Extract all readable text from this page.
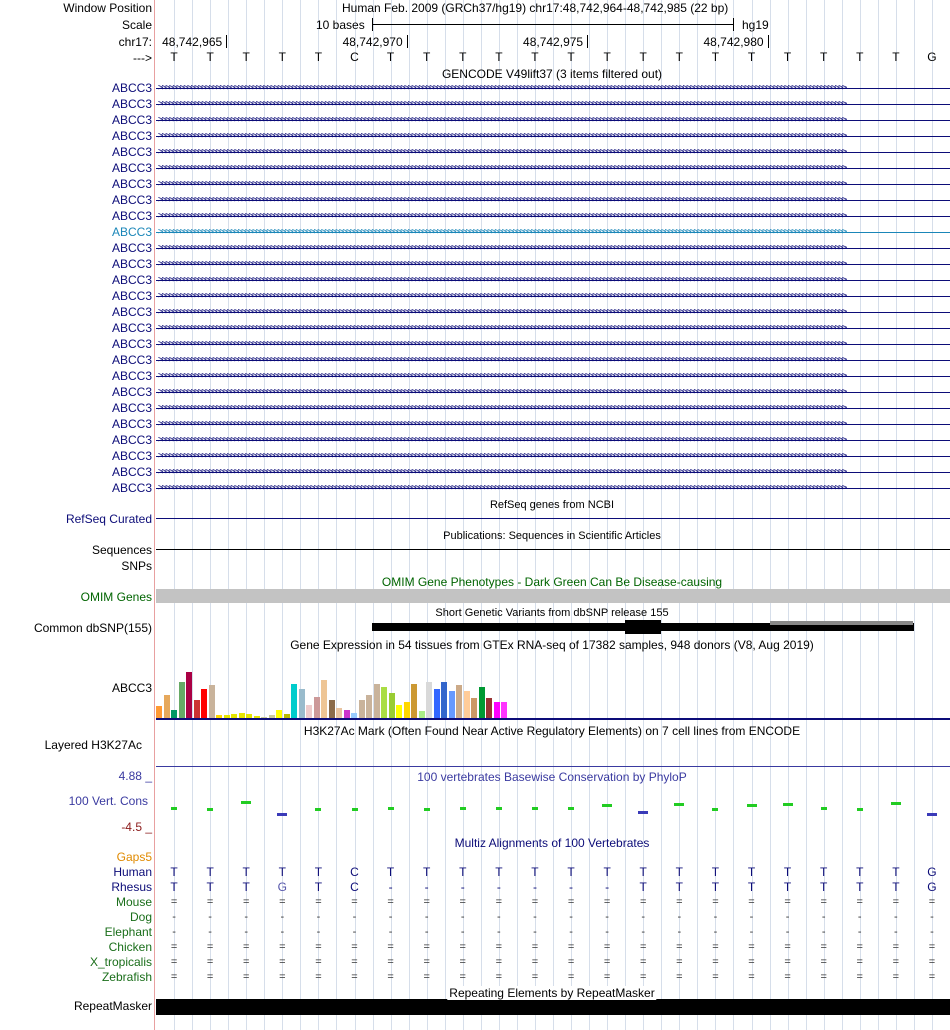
Window Position
Scale
chr17:
--->
Human Feb. 2009 (GRCh37/hg19) chr17:48,742,964-48,742,985 (22 bp)
10 bases	hg19
48,742,965	48,742,970	48,742,975	48,742,980
T T T T T C T T T T T T T T T T T T T T T G
GENCODE V49lift37 (3 items filtered out)
ABCC3 >>>>>>>>>>>>>>>>>>>>>>>>>>>>>>>>>>>>>>>>>>>>>>>>>>>>>>>>>>>>>>>>>>>>>>>>>>>>>>>>>>>>>>>>>>>>>>>>>>>>>>>>>>>>>>>>>>>>>>>>>>>>>>>>>>>>>>>>>>>>>>>>>>>>>>>>>>>>>>>>>>>>>>>>>>>>>>>>>>>>>>>>>>>>>>
ABCC3 >>>>>>>>>>>>>>>>>>>>>>>>>>>>>>>>>>>>>>>>>>>>>>>>>>>>>>>>>>>>>>>>>>>>>>>>>>>>>>>>>>>>>>>>>>>>>>>>>>>>>>>>>>>>>>>>>>>>>>>>>>>>>>>>>>>>>>>>>>>>>>>>>>>>>>>>>>>>>>>>>>>>>>>>>>>>>>>>>>>>>>>>>>>>>>
ABCC3 >>>>>>>>>>>>>>>>>>>>>>>>>>>>>>>>>>>>>>>>>>>>>>>>>>>>>>>>>>>>>>>>>>>>>>>>>>>>>>>>>>>>>>>>>>>>>>>>>>>>>>>>>>>>>>>>>>>>>>>>>>>>>>>>>>>>>>>>>>>>>>>>>>>>>>>>>>>>>>>>>>>>>>>>>>>>>>>>>>>>>>>>>>>>>>
ABCC3 >>>>>>>>>>>>>>>>>>>>>>>>>>>>>>>>>>>>>>>>>>>>>>>>>>>>>>>>>>>>>>>>>>>>>>>>>>>>>>>>>>>>>>>>>>>>>>>>>>>>>>>>>>>>>>>>>>>>>>>>>>>>>>>>>>>>>>>>>>>>>>>>>>>>>>>>>>>>>>>>>>>>>>>>>>>>>>>>>>>>>>>>>>>>>>
ABCC3 >>>>>>>>>>>>>>>>>>>>>>>>>>>>>>>>>>>>>>>>>>>>>>>>>>>>>>>>>>>>>>>>>>>>>>>>>>>>>>>>>>>>>>>>>>>>>>>>>>>>>>>>>>>>>>>>>>>>>>>>>>>>>>>>>>>>>>>>>>>>>>>>>>>>>>>>>>>>>>>>>>>>>>>>>>>>>>>>>>>>>>>>>>>>>>
ABCC3 >>>>>>>>>>>>>>>>>>>>>>>>>>>>>>>>>>>>>>>>>>>>>>>>>>>>>>>>>>>>>>>>>>>>>>>>>>>>>>>>>>>>>>>>>>>>>>>>>>>>>>>>>>>>>>>>>>>>>>>>>>>>>>>>>>>>>>>>>>>>>>>>>>>>>>>>>>>>>>>>>>>>>>>>>>>>>>>>>>>>>>>>>>>>>>
ABCC3 >>>>>>>>>>>>>>>>>>>>>>>>>>>>>>>>>>>>>>>>>>>>>>>>>>>>>>>>>>>>>>>>>>>>>>>>>>>>>>>>>>>>>>>>>>>>>>>>>>>>>>>>>>>>>>>>>>>>>>>>>>>>>>>>>>>>>>>>>>>>>>>>>>>>>>>>>>>>>>>>>>>>>>>>>>>>>>>>>>>>>>>>>>>>>>
ABCC3 >>>>>>>>>>>>>>>>>>>>>>>>>>>>>>>>>>>>>>>>>>>>>>>>>>>>>>>>>>>>>>>>>>>>>>>>>>>>>>>>>>>>>>>>>>>>>>>>>>>>>>>>>>>>>>>>>>>>>>>>>>>>>>>>>>>>>>>>>>>>>>>>>>>>>>>>>>>>>>>>>>>>>>>>>>>>>>>>>>>>>>>>>>>>>>
ABCC3 >>>>>>>>>>>>>>>>>>>>>>>>>>>>>>>>>>>>>>>>>>>>>>>>>>>>>>>>>>>>>>>>>>>>>>>>>>>>>>>>>>>>>>>>>>>>>>>>>>>>>>>>>>>>>>>>>>>>>>>>>>>>>>>>>>>>>>>>>>>>>>>>>>>>>>>>>>>>>>>>>>>>>>>>>>>>>>>>>>>>>>>>>>>>>>
ABCC3 >>>>>>>>>>>>>>>>>>>>>>>>>>>>>>>>>>>>>>>>>>>>>>>>>>>>>>>>>>>>>>>>>>>>>>>>>>>>>>>>>>>>>>>>>>>>>>>>>>>>>>>>>>>>>>>>>>>>>>>>>>>>>>>>>>>>>>>>>>>>>>>>>>>>>>>>>>>>>>>>>>>>>>>>>>>>>>>>>>>>>>>>>>>>>>
ABCC3 >>>>>>>>>>>>>>>>>>>>>>>>>>>>>>>>>>>>>>>>>>>>>>>>>>>>>>>>>>>>>>>>>>>>>>>>>>>>>>>>>>>>>>>>>>>>>>>>>>>>>>>>>>>>>>>>>>>>>>>>>>>>>>>>>>>>>>>>>>>>>>>>>>>>>>>>>>>>>>>>>>>>>>>>>>>>>>>>>>>>>>>>>>>>>>
ABCC3 >>>>>>>>>>>>>>>>>>>>>>>>>>>>>>>>>>>>>>>>>>>>>>>>>>>>>>>>>>>>>>>>>>>>>>>>>>>>>>>>>>>>>>>>>>>>>>>>>>>>>>>>>>>>>>>>>>>>>>>>>>>>>>>>>>>>>>>>>>>>>>>>>>>>>>>>>>>>>>>>>>>>>>>>>>>>>>>>>>>>>>>>>>>>>>
ABCC3 >>>>>>>>>>>>>>>>>>>>>>>>>>>>>>>>>>>>>>>>>>>>>>>>>>>>>>>>>>>>>>>>>>>>>>>>>>>>>>>>>>>>>>>>>>>>>>>>>>>>>>>>>>>>>>>>>>>>>>>>>>>>>>>>>>>>>>>>>>>>>>>>>>>>>>>>>>>>>>>>>>>>>>>>>>>>>>>>>>>>>>>>>>>>>>
ABCC3 >>>>>>>>>>>>>>>>>>>>>>>>>>>>>>>>>>>>>>>>>>>>>>>>>>>>>>>>>>>>>>>>>>>>>>>>>>>>>>>>>>>>>>>>>>>>>>>>>>>>>>>>>>>>>>>>>>>>>>>>>>>>>>>>>>>>>>>>>>>>>>>>>>>>>>>>>>>>>>>>>>>>>>>>>>>>>>>>>>>>>>>>>>>>>>
ABCC3 >>>>>>>>>>>>>>>>>>>>>>>>>>>>>>>>>>>>>>>>>>>>>>>>>>>>>>>>>>>>>>>>>>>>>>>>>>>>>>>>>>>>>>>>>>>>>>>>>>>>>>>>>>>>>>>>>>>>>>>>>>>>>>>>>>>>>>>>>>>>>>>>>>>>>>>>>>>>>>>>>>>>>>>>>>>>>>>>>>>>>>>>>>>>>>
ABCC3 >>>>>>>>>>>>>>>>>>>>>>>>>>>>>>>>>>>>>>>>>>>>>>>>>>>>>>>>>>>>>>>>>>>>>>>>>>>>>>>>>>>>>>>>>>>>>>>>>>>>>>>>>>>>>>>>>>>>>>>>>>>>>>>>>>>>>>>>>>>>>>>>>>>>>>>>>>>>>>>>>>>>>>>>>>>>>>>>>>>>>>>>>>>>>>
ABCC3 >>>>>>>>>>>>>>>>>>>>>>>>>>>>>>>>>>>>>>>>>>>>>>>>>>>>>>>>>>>>>>>>>>>>>>>>>>>>>>>>>>>>>>>>>>>>>>>>>>>>>>>>>>>>>>>>>>>>>>>>>>>>>>>>>>>>>>>>>>>>>>>>>>>>>>>>>>>>>>>>>>>>>>>>>>>>>>>>>>>>>>>>>>>>>>
ABCC3 >>>>>>>>>>>>>>>>>>>>>>>>>>>>>>>>>>>>>>>>>>>>>>>>>>>>>>>>>>>>>>>>>>>>>>>>>>>>>>>>>>>>>>>>>>>>>>>>>>>>>>>>>>>>>>>>>>>>>>>>>>>>>>>>>>>>>>>>>>>>>>>>>>>>>>>>>>>>>>>>>>>>>>>>>>>>>>>>>>>>>>>>>>>>>>
ABCC3 >>>>>>>>>>>>>>>>>>>>>>>>>>>>>>>>>>>>>>>>>>>>>>>>>>>>>>>>>>>>>>>>>>>>>>>>>>>>>>>>>>>>>>>>>>>>>>>>>>>>>>>>>>>>>>>>>>>>>>>>>>>>>>>>>>>>>>>>>>>>>>>>>>>>>>>>>>>>>>>>>>>>>>>>>>>>>>>>>>>>>>>>>>>>>>
ABCC3 >>>>>>>>>>>>>>>>>>>>>>>>>>>>>>>>>>>>>>>>>>>>>>>>>>>>>>>>>>>>>>>>>>>>>>>>>>>>>>>>>>>>>>>>>>>>>>>>>>>>>>>>>>>>>>>>>>>>>>>>>>>>>>>>>>>>>>>>>>>>>>>>>>>>>>>>>>>>>>>>>>>>>>>>>>>>>>>>>>>>>>>>>>>>>>
ABCC3 >>>>>>>>>>>>>>>>>>>>>>>>>>>>>>>>>>>>>>>>>>>>>>>>>>>>>>>>>>>>>>>>>>>>>>>>>>>>>>>>>>>>>>>>>>>>>>>>>>>>>>>>>>>>>>>>>>>>>>>>>>>>>>>>>>>>>>>>>>>>>>>>>>>>>>>>>>>>>>>>>>>>>>>>>>>>>>>>>>>>>>>>>>>>>>
ABCC3 >>>>>>>>>>>>>>>>>>>>>>>>>>>>>>>>>>>>>>>>>>>>>>>>>>>>>>>>>>>>>>>>>>>>>>>>>>>>>>>>>>>>>>>>>>>>>>>>>>>>>>>>>>>>>>>>>>>>>>>>>>>>>>>>>>>>>>>>>>>>>>>>>>>>>>>>>>>>>>>>>>>>>>>>>>>>>>>>>>>>>>>>>>>>>>
ABCC3 >>>>>>>>>>>>>>>>>>>>>>>>>>>>>>>>>>>>>>>>>>>>>>>>>>>>>>>>>>>>>>>>>>>>>>>>>>>>>>>>>>>>>>>>>>>>>>>>>>>>>>>>>>>>>>>>>>>>>>>>>>>>>>>>>>>>>>>>>>>>>>>>>>>>>>>>>>>>>>>>>>>>>>>>>>>>>>>>>>>>>>>>>>>>>>
ABCC3 >>>>>>>>>>>>>>>>>>>>>>>>>>>>>>>>>>>>>>>>>>>>>>>>>>>>>>>>>>>>>>>>>>>>>>>>>>>>>>>>>>>>>>>>>>>>>>>>>>>>>>>>>>>>>>>>>>>>>>>>>>>>>>>>>>>>>>>>>>>>>>>>>>>>>>>>>>>>>>>>>>>>>>>>>>>>>>>>>>>>>>>>>>>>>>
ABCC3 >>>>>>>>>>>>>>>>>>>>>>>>>>>>>>>>>>>>>>>>>>>>>>>>>>>>>>>>>>>>>>>>>>>>>>>>>>>>>>>>>>>>>>>>>>>>>>>>>>>>>>>>>>>>>>>>>>>>>>>>>>>>>>>>>>>>>>>>>>>>>>>>>>>>>>>>>>>>>>>>>>>>>>>>>>>>>>>>>>>>>>>>>>>>>>
ABCC3 >>>>>>>>>>>>>>>>>>>>>>>>>>>>>>>>>>>>>>>>>>>>>>>>>>>>>>>>>>>>>>>>>>>>>>>>>>>>>>>>>>>>>>>>>>>>>>>>>>>>>>>>>>>>>>>>>>>>>>>>>>>>>>>>>>>>>>>>>>>>>>>>>>>>>>>>>>>>>>>>>>>>>>>>>>>>>>>>>>>>>>>>>>>>>>
RefSeq genes from NCBI
RefSeq Curated
Publications: Sequences in Scientific Articles
Sequences
SNPs
OMIM Gene Phenotypes - Dark Green Can Be Disease-causing
OMIM Genes
Short Genetic Variants from dbSNP release 155
Common dbSNP(155)
Gene Expression in 54 tissues from GTEx RNA-seq of 17382 samples, 948 donors (V8, Aug 2019)
ABCC3
H3K27Ac Mark (Often Found Near Active Regulatory Elements) on 7 cell lines from ENCODE
Layered H3K27Ac
100 vertebrates Basewise Conservation by PhyloP
4.88 _
100 Vert. Cons
-4.5 _
Multiz Alignments of 100 Vertebrates
Gaps5
Human T T T T T C T T T T T T T T T T T T T T T G
Rhesus T T T G T C -	-	-	-	-	-	-	T T T T T T T T G
Mouse =	=	=	=	=	=	=	=	=	=	=	=	=	=	=	=	=	=	=	=	=	=
Dog -	-	-	-	-	-	-	-	-	-	-	-	-	-	-	-	-	-	-	-	-	-
Elephant -	-	-	-	-	-	-	-	-	-	-	-	-	-	-	-	-	-	-	-	-	-
Chicken =	=	=	=	=	=	=	=	=	=	=	=	=	=	=	=	=	=	=	=	=	=
X_tropicalis =	=	=	=	=	=	=	=	=	=	=	=	=	=	=	=	=	=	=	=	=	=
Zebrafish =	=	=	=	=	=	=	=	=	=	=	=	=	=	=	=	=	=	=	=	=	=
Repeating Elements by RepeatMasker
RepeatMasker
